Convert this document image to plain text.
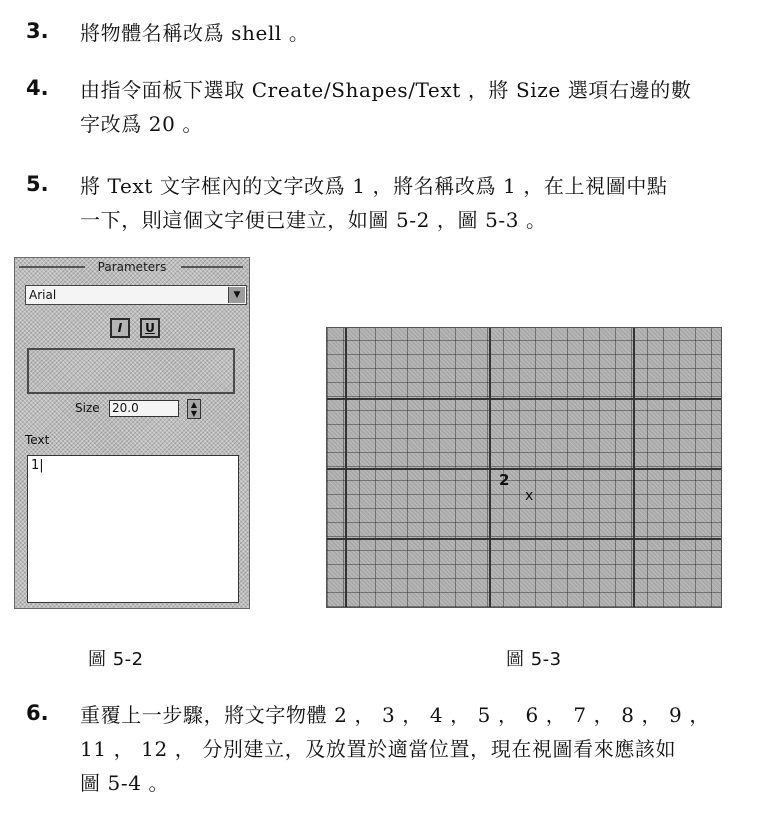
3. 將物體名稱改爲 shell 。
4. 由指令面板下選取 Create/Shapes/Text ，將 Size 選項右邊的數
字改爲 20 。
5. 將 Text 文字框內的文字改爲 1 ，將名稱改爲 1 ，在上視圖中點
一下，則這個文字便已建立，如圖 5-2 ，圖 5-3 。
Parameters
Arial	▼
I	U
Size 20.0	▲
▼
Text
1|
2
x
圖 5-2	圖 5-3
6. 重覆上一步驟，將文字物體 2 ， 3 ， 4 ， 5 ， 6 ， 7 ， 8 ， 9 ，
11 ， 12 ， 分別建立，及放置於適當位置，現在視圖看來應該如
圖 5-4 。
